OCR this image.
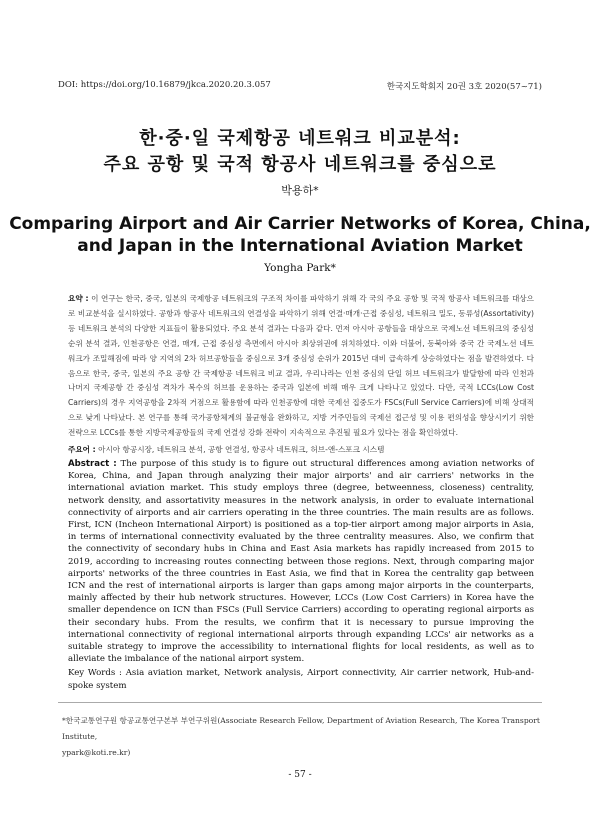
DOI: https://doi.org/10.16879/jkca.2020.20.3.057	한국지도학회지 20권 3호 2020(57~71)
한·중·일 국제항공 네트워크 비교분석:
주요 공항 및 국적 항공사 네트워크를 중심으로
박용하*
Comparing Airport and Air Carrier Networks of Korea, China,
and Japan in the International Aviation Market
Yongha Park*
요약 : 이 연구는 한국, 중국, 일본의 국제항공 네트워크의 구조적 차이를 파악하기 위해 각 국의 주요 공항 및 국적 항공사 네트워크를 대상으로 비교분석을 실시하였다. 공항과 항공사 네트워크의 연결성을 파악하기 위해 연결·매개·근접 중심성, 네트워크 밀도, 동류성(Assortativity) 등 네트워크 분석의 다양한 지표들이 활용되었다. 주요 분석 결과는 다음과 같다. 먼저 아시아 공항들을 대상으로 국제노선 네트워크의 중심성 순위 분석 결과, 인천공항은 연결, 매개, 근접 중심성 측면에서 아시아 최상위권에 위치하였다. 이와 더불어, 동북아와 중국 간 국제노선 네트워크가 조밀해짐에 따라 양 지역의 2차 허브공항들을 중심으로 3개 중심성 순위가 2015년 대비 급속하게 상승하였다는 점을 발견하였다. 다음으로 한국, 중국, 일본의 주요 공항 간 국제항공 네트워크 비교 결과, 우리나라는 인천 중심의 단일 허브 네트워크가 발달함에 따라 인천과 나머지 국제공항 간 중심성 격차가 복수의 허브를 운용하는 중국과 일본에 비해 매우 크게 나타나고 있었다. 다만, 국적 LCCs(Low Cost Carriers)의 경우 지역공항을 2차적 거점으로 활용함에 따라 인천공항에 대한 국제선 집중도가 FSCs(Full Service Carriers)에 비해 상대적으로 낮게 나타났다. 본 연구를 통해 국가공항체계의 불균형을 완화하고, 지방 거주민들의 국제선 접근성 및 이용 편의성을 향상시키기 위한 전략으로 LCCs를 통한 지방국제공항들의 국제 연결성 강화 전략이 지속적으로 추진될 필요가 있다는 점을 확인하였다.
주요어 : 아시아 항공시장, 네트워크 분석, 공항 연결성, 항공사 네트워크, 허브-앤-스포크 시스템
Abstract : The purpose of this study is to figure out structural differences among aviation networks of Korea, China, and Japan through analyzing their major airports' and air carriers' networks in the international aviation market. This study employs three (degree, betweenness, closeness) centrality, network density, and assortativity measures in the network analysis, in order to evaluate international connectivity of airports and air carriers operating in the three countries. The main results are as follows. First, ICN (Incheon International Airport) is positioned as a top-tier airport among major airports in Asia, in terms of international connectivity evaluated by the three centrality measures. Also, we confirm that the connectivity of secondary hubs in China and East Asia markets has rapidly increased from 2015 to 2019, according to increasing routes connecting between those regions. Next, through comparing major airports' networks of the three countries in East Asia, we find that in Korea the centrality gap between ICN and the rest of international airports is larger than gaps among major airports in the counterparts, mainly affected by their hub network structures. However, LCCs (Low Cost Carriers) in Korea have the smaller dependence on ICN than FSCs (Full Service Carriers) according to operating regional airports as their secondary hubs. From the results, we confirm that it is necessary to pursue improving the international connectivity of regional international airports through expanding LCCs' air networks as a suitable strategy to improve the accessibility to international flights for local residents, as well as to alleviate the imbalance of the national airport system.
Key Words : Asia aviation market, Network analysis, Airport connectivity, Air carrier network, Hub-and-spoke system
*한국교통연구원 항공교통연구본부 부연구위원(Associate Research Fellow, Department of Aviation Research, The Korea Transport Institute,
ypark@koti.re.kr)
- 57 -
